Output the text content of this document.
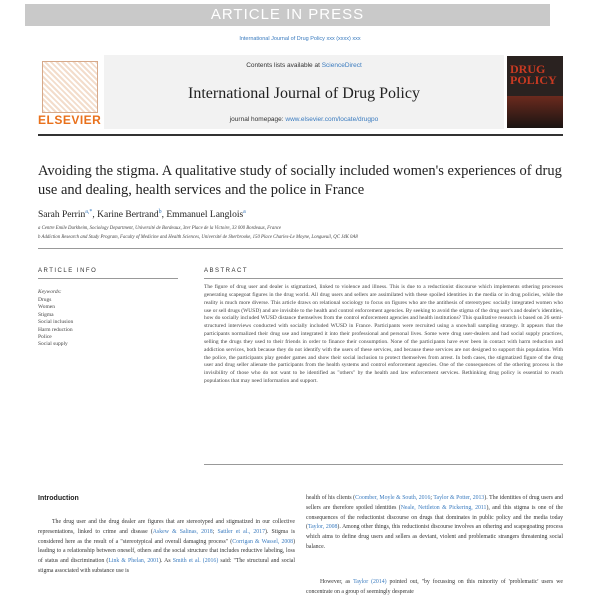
ARTICLE IN PRESS
International Journal of Drug Policy xxx (xxxx) xxx
ELSEVIER
Contents lists available at ScienceDirect
International Journal of Drug Policy
journal homepage: www.elsevier.com/locate/drugpo
DRUG POLICY
Avoiding the stigma. A qualitative study of socially included women's experiences of drug use and dealing, health services and the police in France
Sarah Perrin$^{a,*}$, Karine Bertrand$^b$, Emmanuel Langlois$^a$
a Centre Emile Durkheim, Sociology Department, Université de Bordeaux, 3ter Place de la Victoire, 33 000 Bordeaux, France
b Addiction Research and Study Program, Faculty of Medicine and Health Sciences, Université de Sherbrooke, 150 Place Charles-Le Moyne, Longueuil, QC J4K 0A8
ARTICLE INFO	ABSTRACT
Keywords:
Drugs
Women
Stigma
Social inclusion
Harm reduction
Police
Social supply

The figure of drug user and dealer is stigmatized, linked to violence and illness. This is due to a reductionist discourse which implements othering processes generating scapegoat figures in the drug world. All drug users and sellers are assimilated with these spoiled identities in the media or in drug policies, while the reality is much more diverse. This article draws on relational sociology to focus on figures who are the antithesis of stereotypes: socially integrated women who use or sell drugs (WUSD) and are invisible to the health and control enforcement agencies. By seeking to avoid the stigma of the drug user's and dealer's identities, how do socially included WUSD distance themselves from the control enforcement agencies and health institutions? This qualitative research is based on 26 semi-structured interviews conducted with socially included WUSD in France. Participants were recruited using a snowball sampling strategy. It appears that the participants normalized their drug use and integrated it into their professional and personal lives. Some were drug user-dealers and had social supply practices, selling the drugs they used to their friends in order to finance their consumption. None of the participants have ever been in contact with harm reduction and addiction services, both because they do not identify with the users of these services, and because these services are not designed to support this population. With the police, the participants play gender games and show their social inclusion to protect themselves from arrest. In both cases, the stigmatized figure of the drug user and drug seller alienate the participants from the health systems and control enforcement agencies. One of the consequences of the othering process is the invisibility of those who do not want to be identified as "others" by the health and law enforcement services. Rethinking drug policy is essential to reach populations that may need information and support.

Introduction

The drug user and the drug dealer are figures that are stereotyped and stigmatized in our collective representations, linked to crime and disease (Askew & Salinas, 2018; Sattler et al., 2017). Stigma is considered here as the result of a "stereotypical and overall damaging process" (Corrigan & Wassel, 2008) leading to a relationship between oneself, others and the social structure that includes reductive labeling, loss of status and discrimination (Link & Phelan, 2001). As Smith et al. (2016) said: "The structural and social stigma associated with substance use is

health of his clients (Coomber, Moyle & South, 2016; Taylor & Potter, 2013). The identities of drug users and sellers are therefore spoiled identities (Neale, Nettleton & Pickering, 2011), and this stigma is one of the consequences of the reductionist discourse on drugs that dominates in public policy and the media today (Taylor, 2008). Among other things, this reductionist discourse involves an othering and scapegoating process which aims to define drug users and sellers as deviant, violent and problematic strangers threatening social balance.

However, as Taylor (2014) pointed out, "by focussing on this minority of 'problematic' users we concentrate on a group of seemingly desperate
